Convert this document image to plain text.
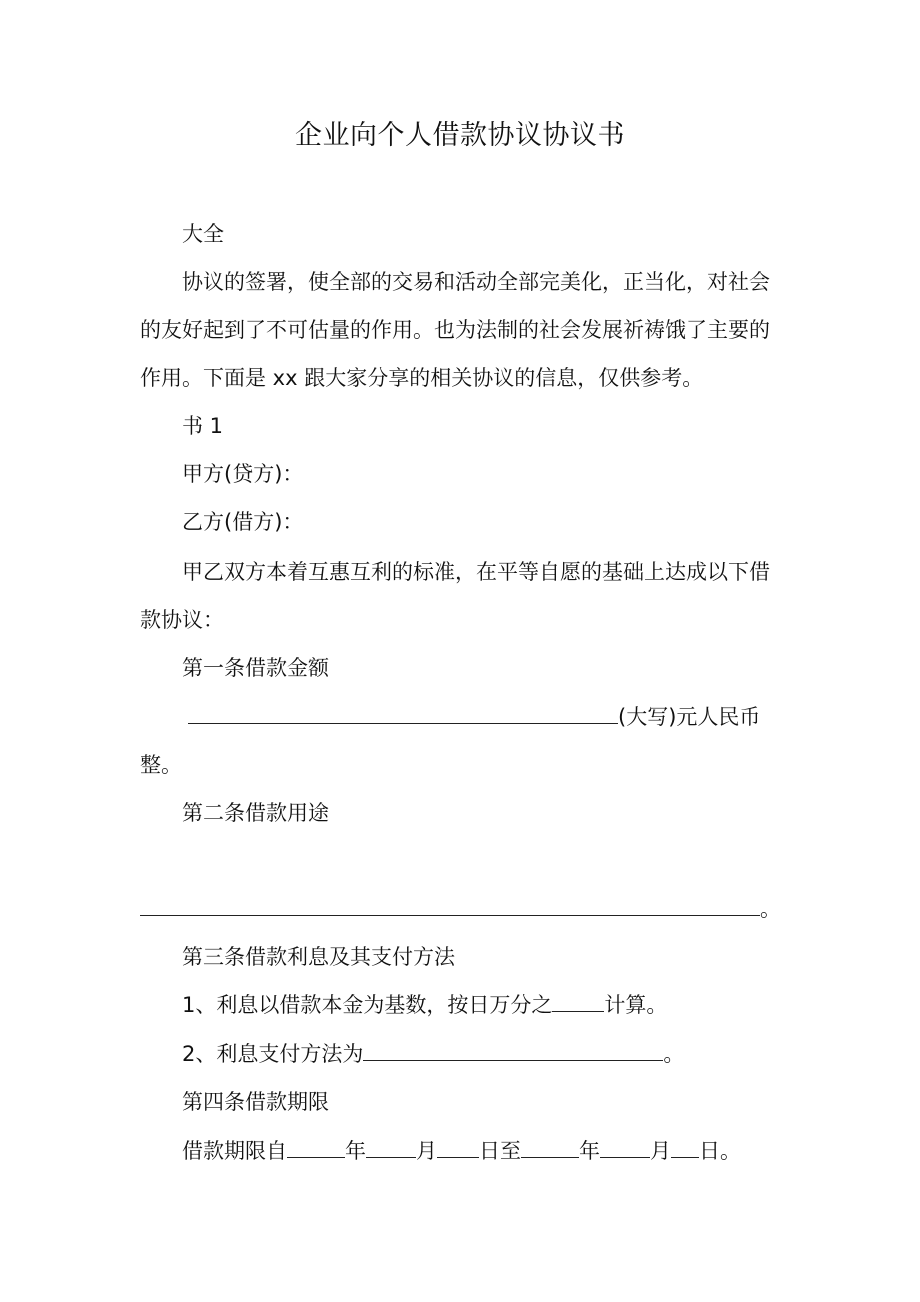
企业向个人借款协议协议书

大全

协议的签署，使全部的交易和活动全部完美化，正当化，对社会

的友好起到了不可估量的作用。也为法制的社会发展祈祷饿了主要的

作用。下面是 xx 跟大家分享的相关协议的信息，仅供参考。

书 1

甲方(贷方)：

乙方(借方)：

甲乙双方本着互惠互利的标准，在平等自愿的基础上达成以下借

款协议：

第一条借款金额

(大写)元人民币

整。

第二条借款用途

。

第三条借款利息及其支付方法

1、利息以借款本金为基数，按日万分之 计算。

2、利息支付方法为	。

第四条借款期限

借款期限自	年 月 日至	年 月 日。
